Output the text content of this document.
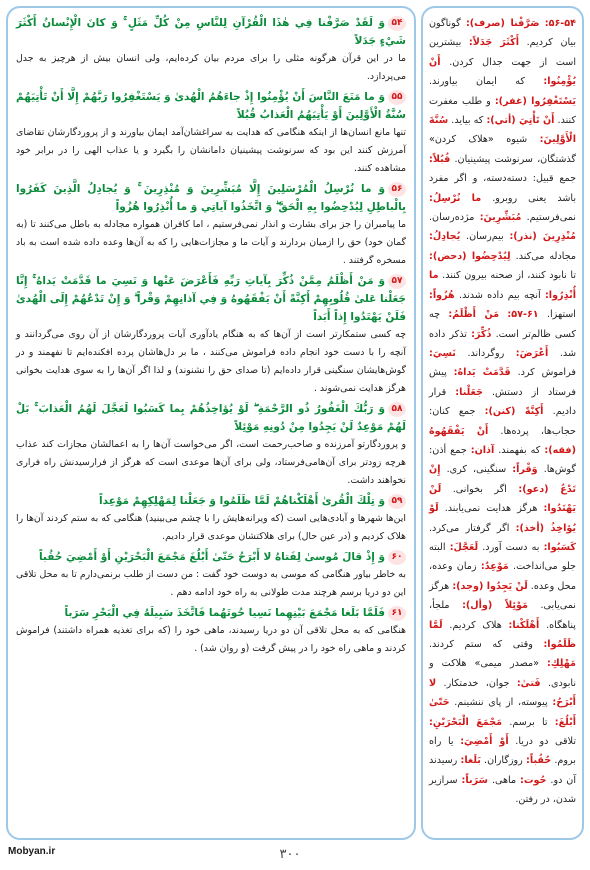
۵۴وَ لَقَدْ صَرَّفْنا فِي هٰذَا الْقُرْآنِ لِلنَّاسِ مِنْ كُلِّ مَثَلٍ ۚ وَ كانَ الْإِنْسانُ أَكْثَرَ شَيْءٍ جَدَلاً
ما در این قرآن هرگونه مثلی را برای مردم بیان کرده‌ایم، ولی انسان بیش از هرچیز به جدل می‌پردازد.
۵۵وَ ما مَنَعَ النَّاسَ أَنْ يُؤْمِنُوا إِذْ جاءَهُمُ الْهُدىٰ وَ يَسْتَغْفِرُوا رَبَّهُمْ إِلَّا أَنْ تَأْتِيَهُمْ سُنَّةُ الْأَوَّلِينَ أَوْ يَأْتِيَهُمُ الْعَذابُ قُبُلاً
تنها مانع انسان‌ها از اینکه هنگامی که هدایت به سراغشان‌آمد ایمان بیاورند و از پروردگارشان تقاضای آمرزش کنند این بود که سرنوشت پیشینیان دامانشان را بگیرد و یا عذاب الهی را در برابر خود مشاهده کنند.
۵۶وَ ما نُرْسِلُ الْمُرْسَلِينَ إِلَّا مُبَشِّرِينَ وَ مُنْذِرِينَ ۚ وَ يُجادِلُ الَّذِينَ كَفَرُوا بِالْباطِلِ لِيُدْحِضُوا بِهِ الْحَقَّ ۖ وَ اتَّخَذُوا آياتِي وَ ما أُنْذِرُوا هُزُواً
ما پیامبران را جز برای بشارت و انذار نمی‌فرستیم ، اما کافران همواره مجادله به باطل می‌کنند تا (به گمان خود) حق را ازمیان بردارند و آیات ما و مجازات‌هایی را که به آن‌ها وعده داده شده است به باد مسخره گرفتند .
۵۷وَ مَنْ أَظْلَمُ مِمَّنْ ذُكِّرَ بِآياتِ رَبِّهِ فَأَعْرَضَ عَنْها وَ نَسِيَ ما قَدَّمَتْ يَداهُ ۚ إِنَّا جَعَلْنا عَلىٰ قُلُوبِهِمْ أَكِنَّةً أَنْ يَفْقَهُوهُ وَ فِي آذانِهِمْ وَقْراً ۖ وَ إِنْ تَدْعُهُمْ إِلَى الْهُدىٰ فَلَنْ يَهْتَدُوا إِذاً أَبَداً
چه کسی ستمکارتر است از آن‌ها که به هنگام یادآوری آیات پروردگارشان از آن روی می‌گردانند و آنچه را با دست خود انجام داده فراموش می‌کنند ، ما بر دل‌هاشان پرده افکنده‌ایم تا نفهمند و در گوش‌هایشان سنگینی قرار داده‌ایم (تا صدای حق را نشنوند) و لذا اگر آن‌ها را به سوی هدایت بخوانی هرگز هدایت نمی‌شوند .
۵۸وَ رَبُّكَ الْغَفُورُ ذُو الرَّحْمَةِ ۖ لَوْ يُؤاخِذُهُمْ بِما كَسَبُوا لَعَجَّلَ لَهُمُ الْعَذابَ ۚ بَلْ لَهُمْ مَوْعِدٌ لَنْ يَجِدُوا مِنْ دُونِهِ مَوْئِلاً
و پروردگارتو آمرزنده و صاحب‌رحمت است، اگر می‌خواست آن‌ها را به اعمالشان مجازات کند عذاب هرچه زودتر برای آن‌هامی‌فرستاد، ولی برای آن‌ها موعدی است که هرگز از فرارسیدنش راه فراری نخواهند داشت.
۵۹وَ تِلْكَ الْقُرىٰ أَهْلَكْناهُمْ لَمَّا ظَلَمُوا وَ جَعَلْنا لِمَهْلِكِهِمْ مَوْعِداً
این‌ها شهرها و آبادی‌هایی است (که ویرانه‌هایش را با چشم می‌بینید) هنگامی که به ستم کردند‌ آن‌ها را هلاک کردیم و (در عین حال) برای هلاکتشان موعدی قرار دادیم.
۶۰وَ إِذْ قالَ مُوسىٰ لِفَتاهُ لا أَبْرَحُ حَتّىٰ أَبْلُغَ مَجْمَعَ الْبَحْرَيْنِ أَوْ أَمْضِيَ حُقُباً
به خاطر بیاور هنگامی که موسی به دوست خود گفت : من دست از طلب برنمی‌دارم تا به محل تلاقی این دو دریا برسم هرچند مدت طولانی به راه خود ادامه دهم .
۶۱فَلَمَّا بَلَغا مَجْمَعَ بَيْنِهِما نَسِيا حُوتَهُما فَاتَّخَذَ سَبِيلَهُ فِي الْبَحْرِ سَرَباً
هنگامی که به محل تلاقی آن دو دریا رسیدند، ماهی خود را (که برای تغذیه همراه داشتند) فراموش کردند و ماهی راه خود را در پیش گرفت (و روان شد) .
۵۶-۵۴: صَرَّفْنا (صرف): گوناگون بیان کردیم. أَكْثَرَ جَدَلاً: بیشترین است از جهت جدال کردن. أَنْ يُؤْمِنُوا: که ایمان بیاورند. يَسْتَغْفِرُوا (غفر): و طلب مغفرت کنند. أَنْ تَأْتِيَ (أتي): که بیاید. سُنَّةَ الْأَوَّلِينَ: شیوه «هلاک کردن» گذشتگان، سرنوشت پیشینیان. قُبُلاً: جمع قبیل: دسته‌دسته، و اگر مفرد باشد یعنی روبرو. ما نُرْسِلُ: نمی‌فرستیم. مُبَشِّرِينَ: مژده‌رسان. مُنْذِرِينَ (نذر): بیم‌رسان. يُجادِلُ: مجادله می‌کند. لِيُدْحِضُوا (دحض): تا نابود کنند، از صحنه بیرون کنند. ما أُنْذِرُوا: آنچه بیم داده شدند. هُزُواً: استهزا. ۶۱-۵۷: مَنْ أَظْلَمُ: چه کسی ظالم‌تر است. ذُكِّرَ: تذکر داده شد. أَعْرَضَ: روگرداند. نَسِيَ: فراموش کرد. قَدَّمَتْ يَداهُ: پیش فرستاد از دستش. جَعَلْنا: قرار دادیم. أَكِنَّةً (كنن): جمع کنان: حجاب‌ها، پرده‌ها. أَنْ يَفْقَهُوهُ (فقه): که بفهمند. آذان: جمع أذن: گوش‌ها. وَقْراً: سنگینی، کری. إِنْ تَدْعُ (دعو): اگر بخوانی. لَنْ يَهْتَدُوا: هرگز هدایت نمی‌یابند. لَوْ يُؤاخِذُ (أخذ): اگر گرفتار می‌کرد. كَسَبُوا: به دست آورد. لَعَجَّلَ: البته جلو می‌انداخت. مَوْعِدٌ: زمان وعده، محل وعده. لَنْ يَجِدُوا (وجد): هرگز نمی‌یابی. مَوْئِلاً (وأل): ملجأ، پناهگاه. أَهْلَكْنا: هلاک کردیم. لَمَّا ظَلَمُوا: وقتی که ستم کردند. مَهْلِكِ: «مصدر میمی» هلاکت و نابودی. فَتىٰ: جوان، خدمتکار. لا أَبْرَحُ: پیوسته، از پای ننشینم. حَتّىٰ أَبْلُغَ: تا برسم. مَجْمَعَ الْبَحْرَيْنِ: تلاقی دو دریا. أَوْ أَمْضِيَ: یا راه بروم. حُقُباً: روزگاران. بَلَغا: رسیدند آن دو. حُوت: ماهی. سَرَباً: سرازیر شدن، در رفتن.
Mobyan.ir	۳۰۰
